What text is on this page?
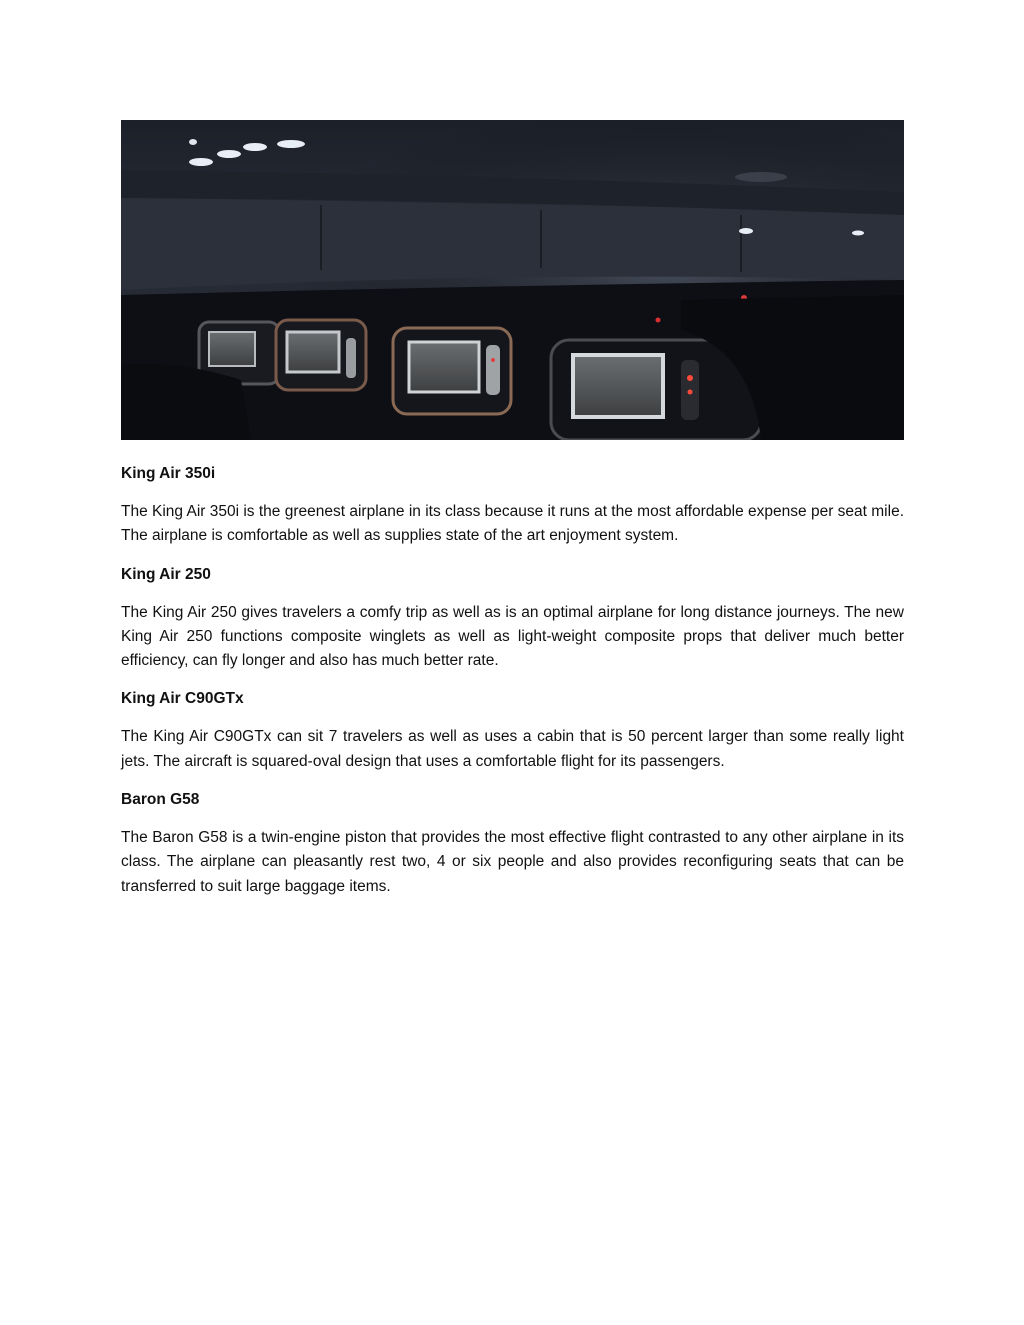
King Air 350i

The King Air 350i is the greenest airplane in its class because it runs at the most affordable expense per seat mile. The airplane is comfortable as well as supplies state of the art enjoyment system.

King Air 250

The King Air 250 gives travelers a comfy trip as well as is an optimal airplane for long distance journeys. The new King Air 250 functions composite winglets as well as light-weight composite props that deliver much better efficiency, can fly longer and also has much better rate.

King Air C90GTx

The King Air C90GTx can sit 7 travelers as well as uses a cabin that is 50 percent larger than some really light jets. The aircraft is squared-oval design that uses a comfortable flight for its passengers.

Baron G58

The Baron G58 is a twin-engine piston that provides the most effective flight contrasted to any other airplane in its class. The airplane can pleasantly rest two, 4 or six people and also provides reconfiguring seats that can be transferred to suit large baggage items.
